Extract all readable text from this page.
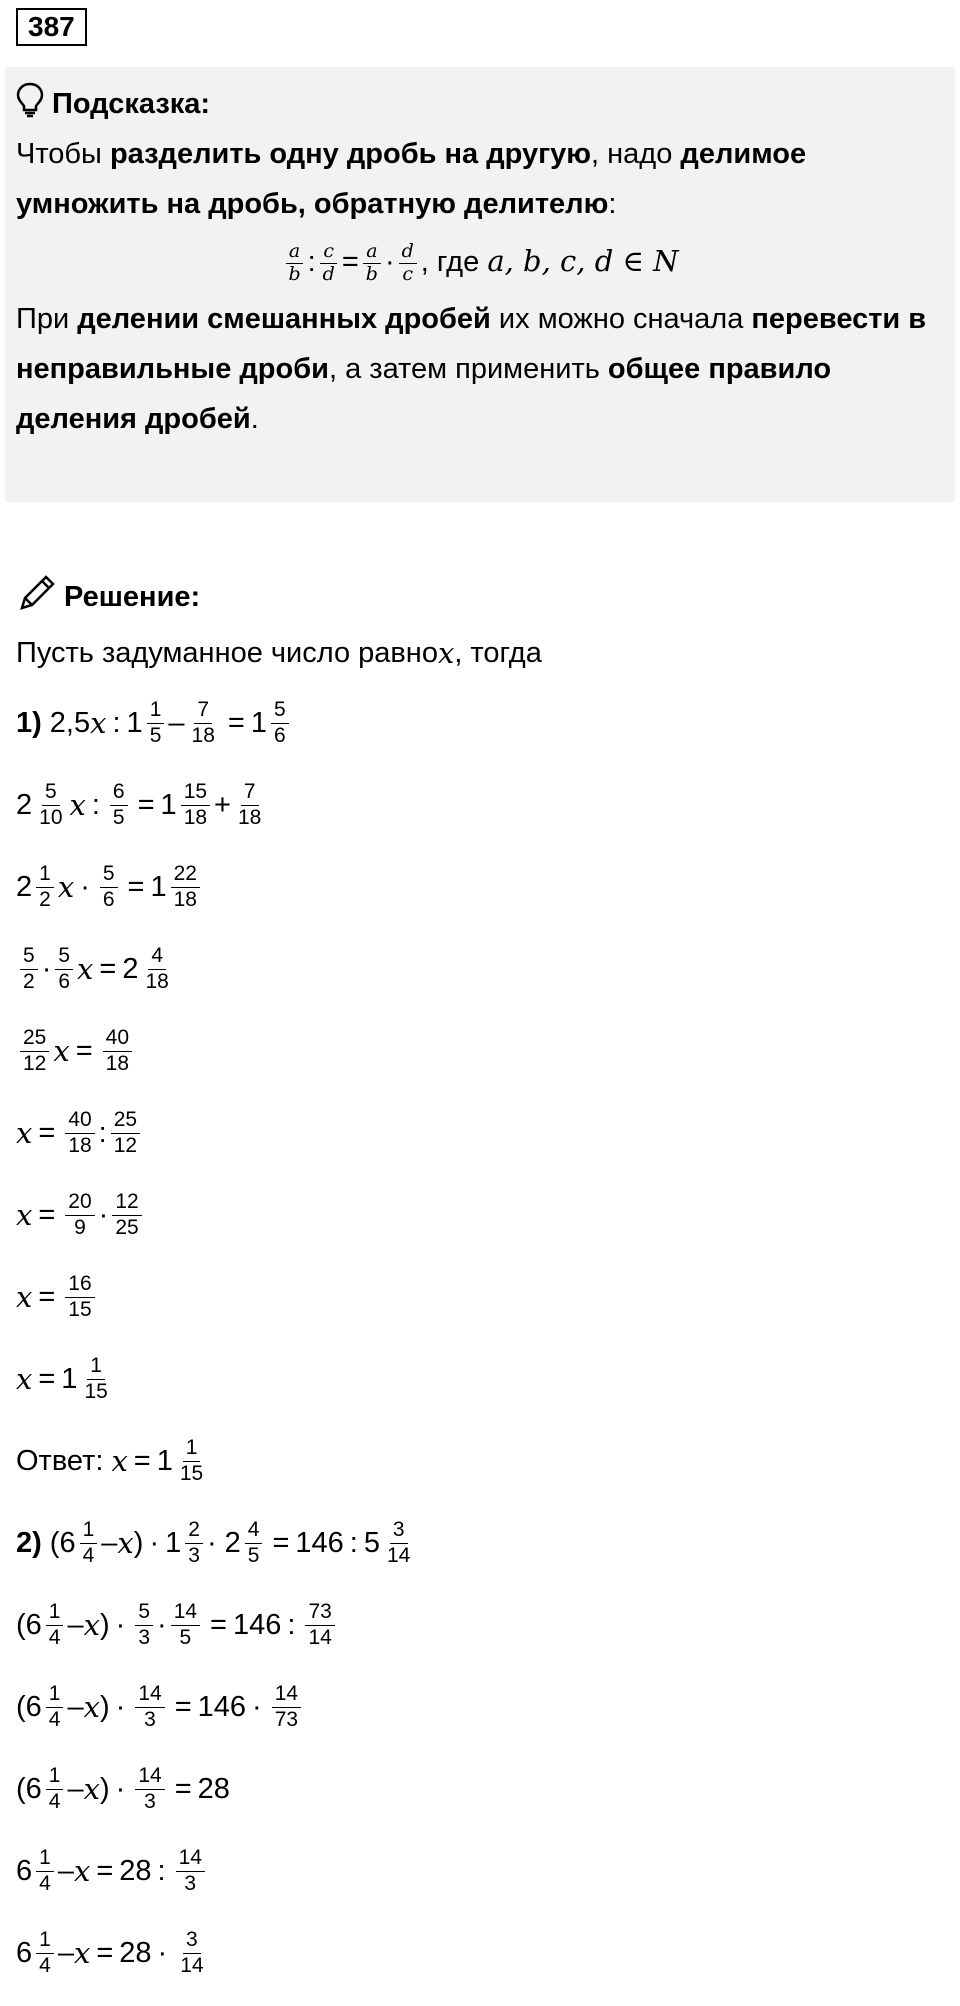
387
Подсказка:

Чтобы разделить одну дробь на другую, надо делимое умножить на дробь, обратную делителю:

$\frac{a}{b}$ : $\frac{c}{d} = \frac{a}{b} \cdot \frac{d}{c}$ , где a, b, c, d ∈ N

При делении смешанных дробей их можно сначала перевести в неправильные дроби, а затем применить общее правило деления дробей.

Решение:
Пусть задуманное число равно x , тогда
1) 2,5 x : $1 \frac{1}{5} - \frac{7}{18} = 1 \frac{5}{6}$
$2 \frac{5}{10}$ x : $\frac{6}{5} = 1 \frac{15}{18} + \frac{7}{18}$
$2 \frac{1}{2}$ $x \cdot \frac{5}{6} = 1 \frac{22}{18}$
$\frac{5}{2} \cdot \frac{5}{6}$ $x = 2 \frac{4}{18}$
$\frac{25}{12}$ $x = \frac{40}{18}$
$x = \frac{40}{18}$ : $\frac{25}{12}$
$x = \frac{20}{9} \cdot \frac{12}{25}$
$x = \frac{16}{15}$
$x = 1 \frac{1}{15}$
Ответ: $x = 1 \frac{1}{15}$
2) ($6 \frac{1}{4}$ – x ) · $1 \frac{2}{3} \cdot 2 \frac{4}{5} = 146$ : $5 \frac{3}{14}$
($6 \frac{1}{4}$ – x ) · $\frac{5}{3} \cdot \frac{14}{5} = 146$ : $\frac{73}{14}$
($6 \frac{1}{4}$ – x ) · $\frac{14}{3} = 146 \cdot \frac{14}{73}$
($6 \frac{1}{4}$ – x ) · $\frac{14}{3} = 28$
$6 \frac{1}{4} - x = 28$ : $\frac{14}{3}$
$6 \frac{1}{4} - x = 28 \cdot \frac{3}{14}$
